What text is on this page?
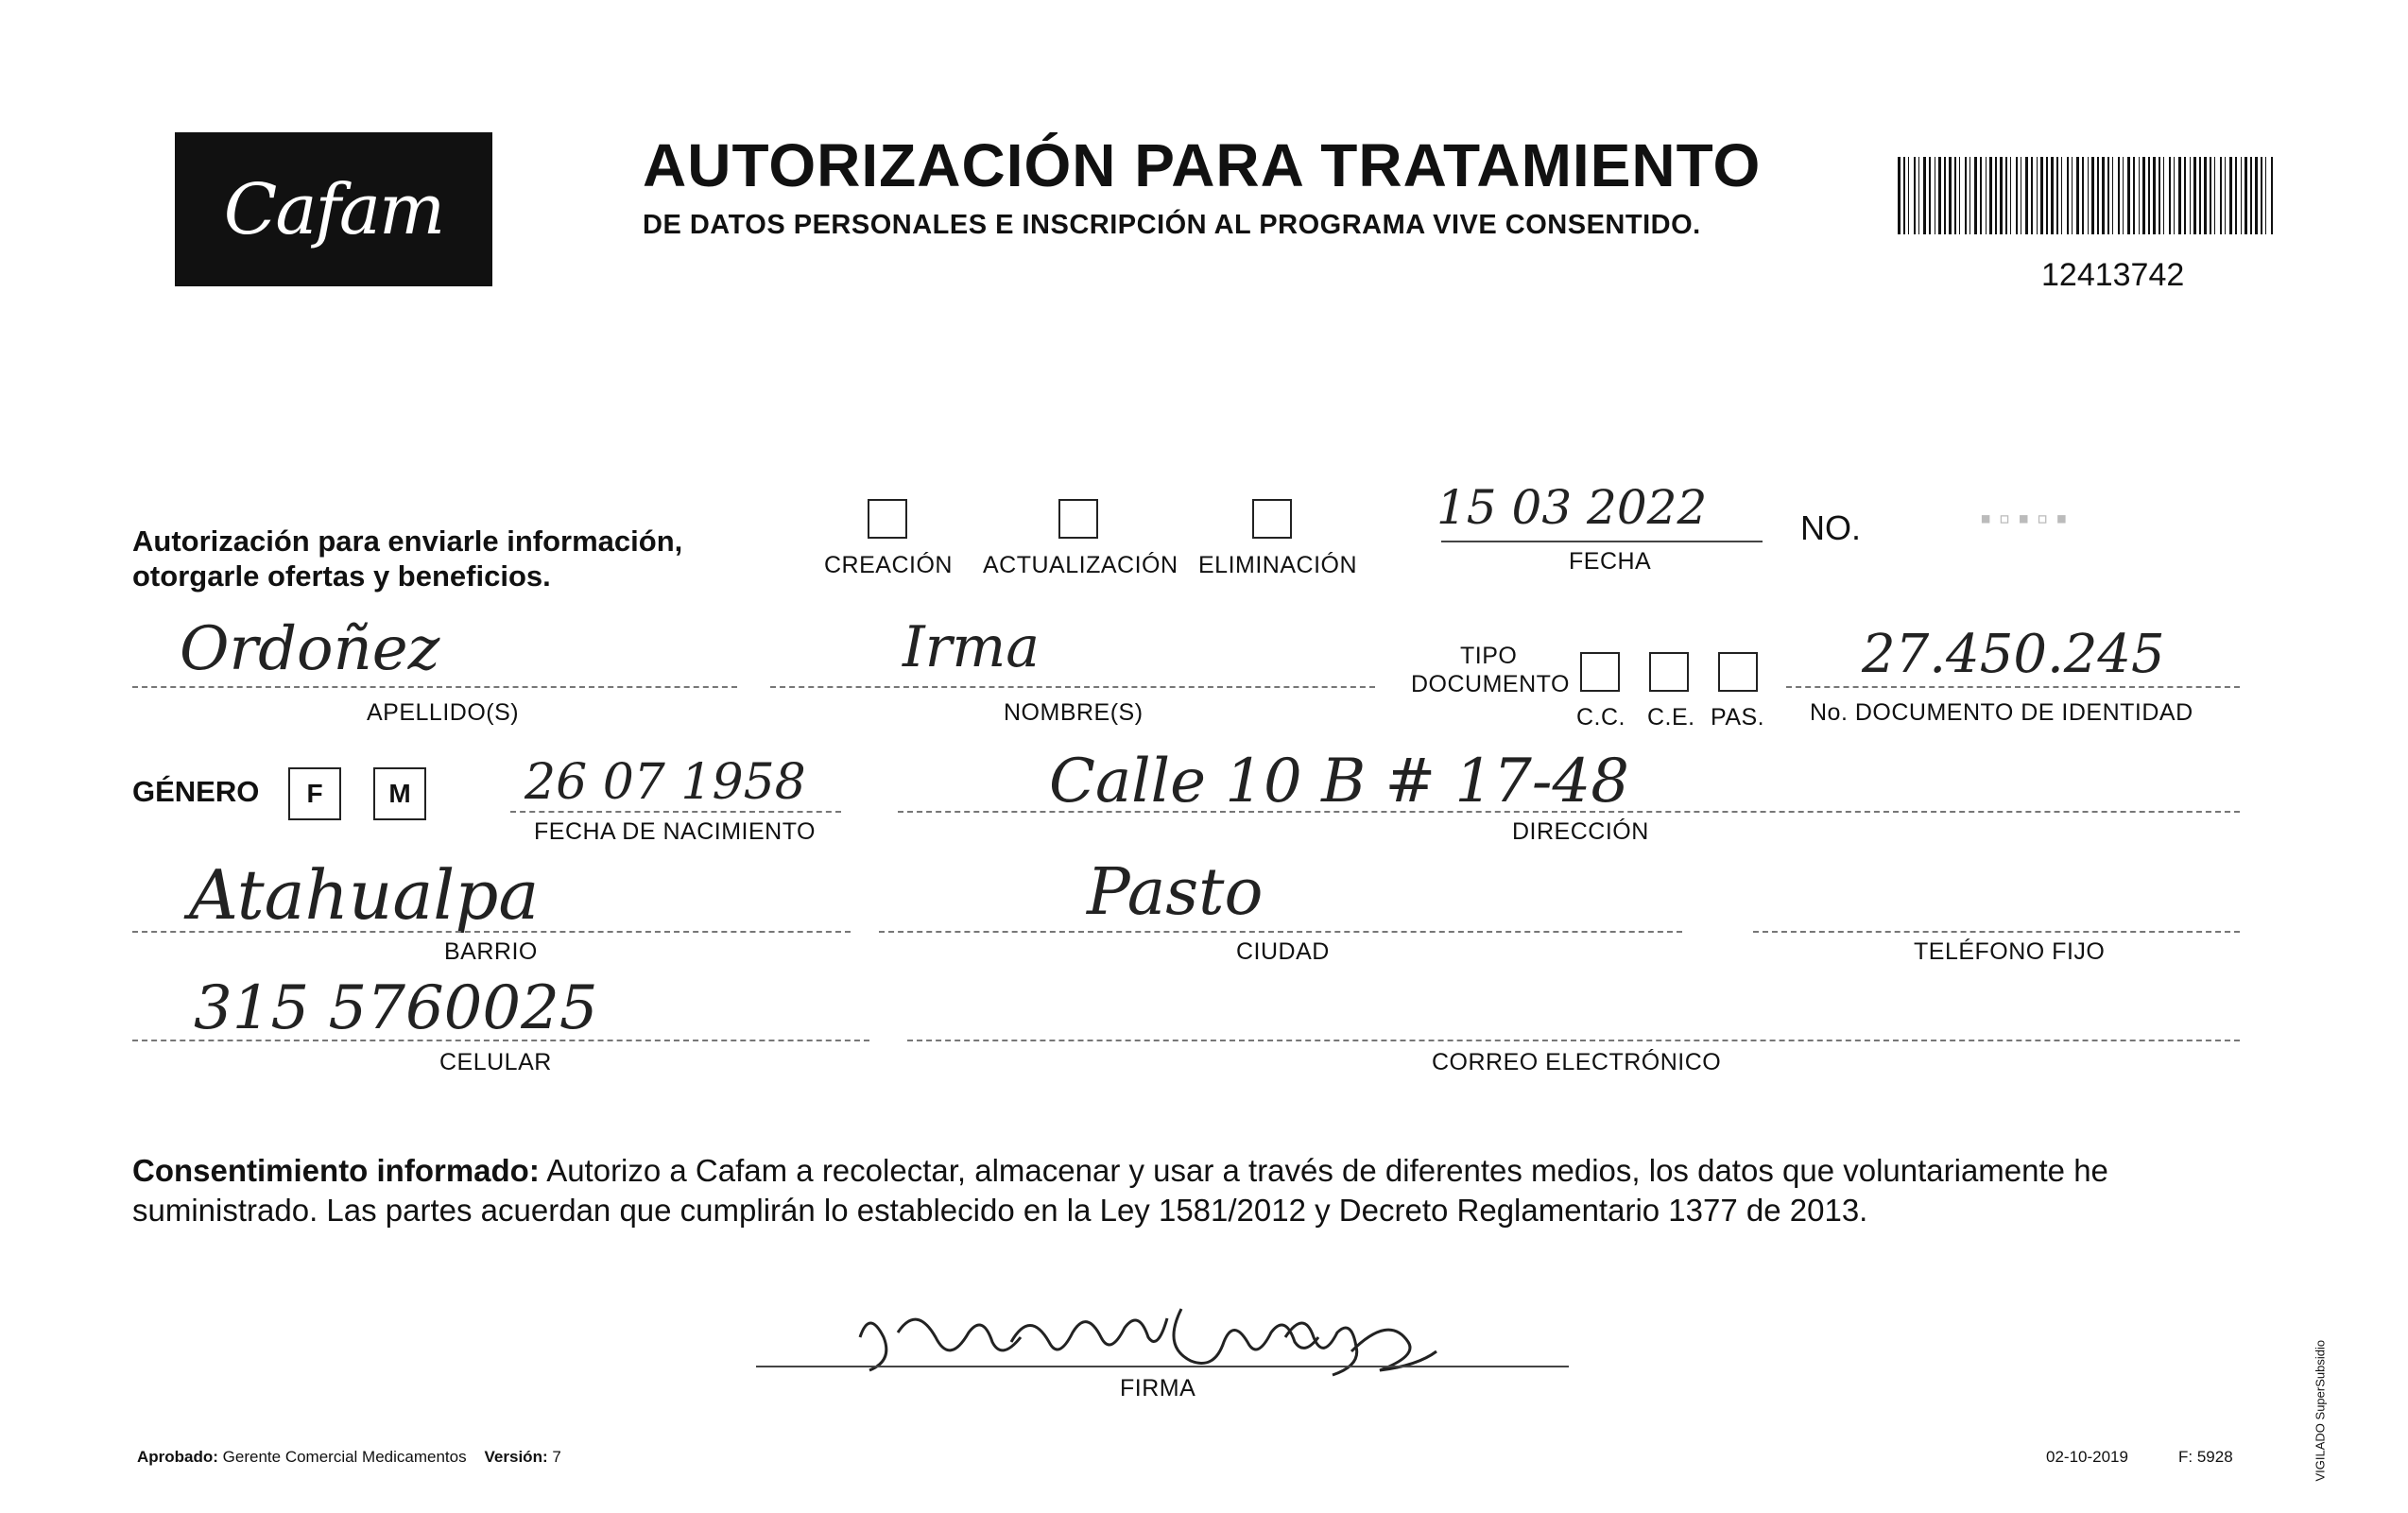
Cafam
AUTORIZACIÓN PARA TRATAMIENTO
DE DATOS PERSONALES E INSCRIPCIÓN AL PROGRAMA VIVE CONSENTIDO.
12413742
Autorización para enviarle información,
otorgarle ofertas y beneficios.	CREACIÓN ACTUALIZACIÓN ELIMINACIÓN
15 03 2022
FECHA
NO.	▪︎▫︎▪︎▫︎▪︎
Ordoñez
APELLIDO(S)
Irma
NOMBRE(S)
TIPO
DOCUMENTO
C.C. C.E. PAS.
27.450.245
No. DOCUMENTO DE IDENTIDAD
GÉNERO F M 26 07 1958
FECHA DE NACIMIENTO
Calle 10 B # 17-48
DIRECCIÓN
Atahualpa
BARRIO
Pasto
CIUDAD	TELÉFONO FIJO
315 5760025
CELULAR	CORREO ELECTRÓNICO
Consentimiento informado: Autorizo a Cafam a recolectar, almacenar y usar a través de diferentes medios, los datos que voluntariamente he suministrado. Las partes acuerdan que cumplirán lo establecido en la Ley 1581/2012 y Decreto Reglamentario 1377 de 2013.
FIRMA
Aprobado: Gerente Comercial Medicamentos Versión: 7	02-10-2019	F: 5928	VIGILADO SuperSubsidio
